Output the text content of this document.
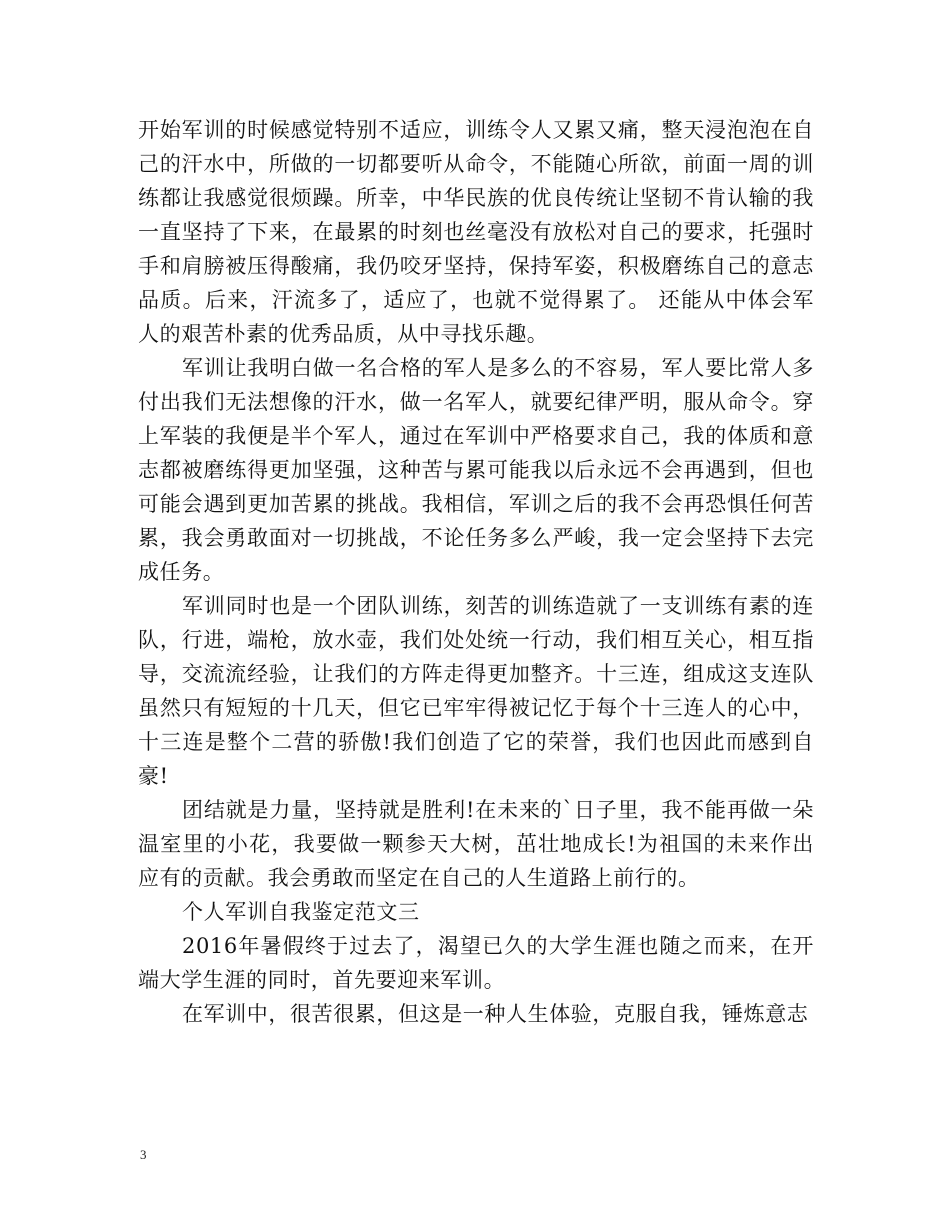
开始军训的时候感觉特别不适应，训练令人又累又痛，整天浸泡泡在自己的汗水中，所做的一切都要听从命令，不能随心所欲，前面一周的训练都让我感觉很烦躁。所幸，中华民族的优良传统让坚韧不肯认输的我一直坚持了下来，在最累的时刻也丝毫没有放松对自己的要求，托强时手和肩膀被压得酸痛，我仍咬牙坚持，保持军姿，积极磨练自己的意志品质。后来，汗流多了，适应了，也就不觉得累了。 还能从中体会军人的艰苦朴素的优秀品质，从中寻找乐趣。

军训让我明白做一名合格的军人是多么的不容易，军人要比常人多付出我们无法想像的汗水，做一名军人，就要纪律严明，服从命令。穿上军装的我便是半个军人，通过在军训中严格要求自己，我的体质和意志都被磨练得更加坚强，这种苦与累可能我以后永远不会再遇到，但也可能会遇到更加苦累的挑战。我相信，军训之后的我不会再恐惧任何苦累，我会勇敢面对一切挑战，不论任务多么严峻，我一定会坚持下去完成任务。

军训同时也是一个团队训练，刻苦的训练造就了一支训练有素的连队，行进，端枪，放水壶，我们处处统一行动，我们相互关心，相互指导，交流流经验，让我们的方阵走得更加整齐。十三连，组成这支连队虽然只有短短的十几天，但它已牢牢得被记忆于每个十三连人的心中，十三连是整个二营的骄傲!我们创造了它的荣誉，我们也因此而感到自豪!

团结就是力量，坚持就是胜利!在未来的`日子里，我不能再做一朵温室里的小花，我要做一颗参天大树，茁壮地成长!为祖国的未来作出应有的贡献。我会勇敢而坚定在自己的人生道路上前行的。

个人军训自我鉴定范文三

2016年暑假终于过去了，渴望已久的大学生涯也随之而来，在开端大学生涯的同时，首先要迎来军训。

在军训中，很苦很累，但这是一种人生体验，克服自我，锤炼意志

3
